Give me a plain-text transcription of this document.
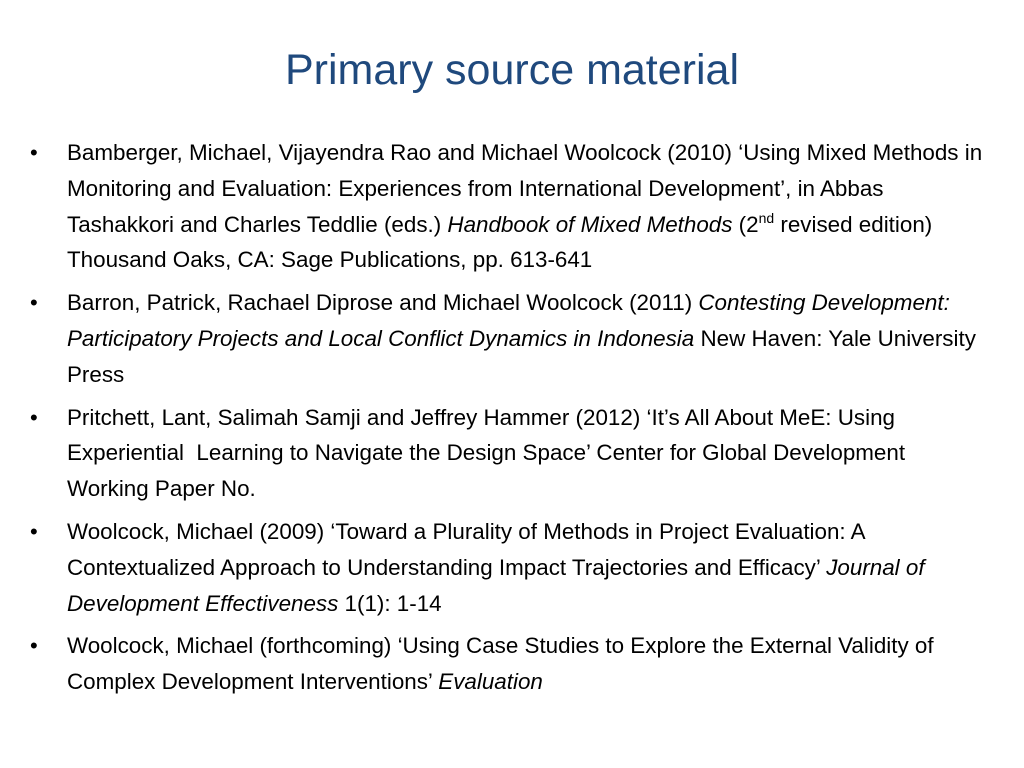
Primary source material
• Bamberger, Michael, Vijayendra Rao and Michael Woolcock (2010) ‘Using Mixed Methods in Monitoring and Evaluation: Experiences from International Development’, in Abbas Tashakkori and Charles Teddlie (eds.) Handbook of Mixed Methods (2nd revised edition) Thousand Oaks, CA: Sage Publications, pp. 613-641
• Barron, Patrick, Rachael Diprose and Michael Woolcock (2011) Contesting Development: Participatory Projects and Local Conflict Dynamics in Indonesia New Haven: Yale University Press
• Pritchett, Lant, Salimah Samji and Jeffrey Hammer (2012) ‘It’s All About MeE: Using Experiential  Learning to Navigate the Design Space’ Center for Global Development Working Paper No.
• Woolcock, Michael (2009) ‘Toward a Plurality of Methods in Project Evaluation: A Contextualized Approach to Understanding Impact Trajectories and Efficacy’ Journal of Development Effectiveness 1(1): 1-14
• Woolcock, Michael (forthcoming) ‘Using Case Studies to Explore the External Validity of Complex Development Interventions’ Evaluation
